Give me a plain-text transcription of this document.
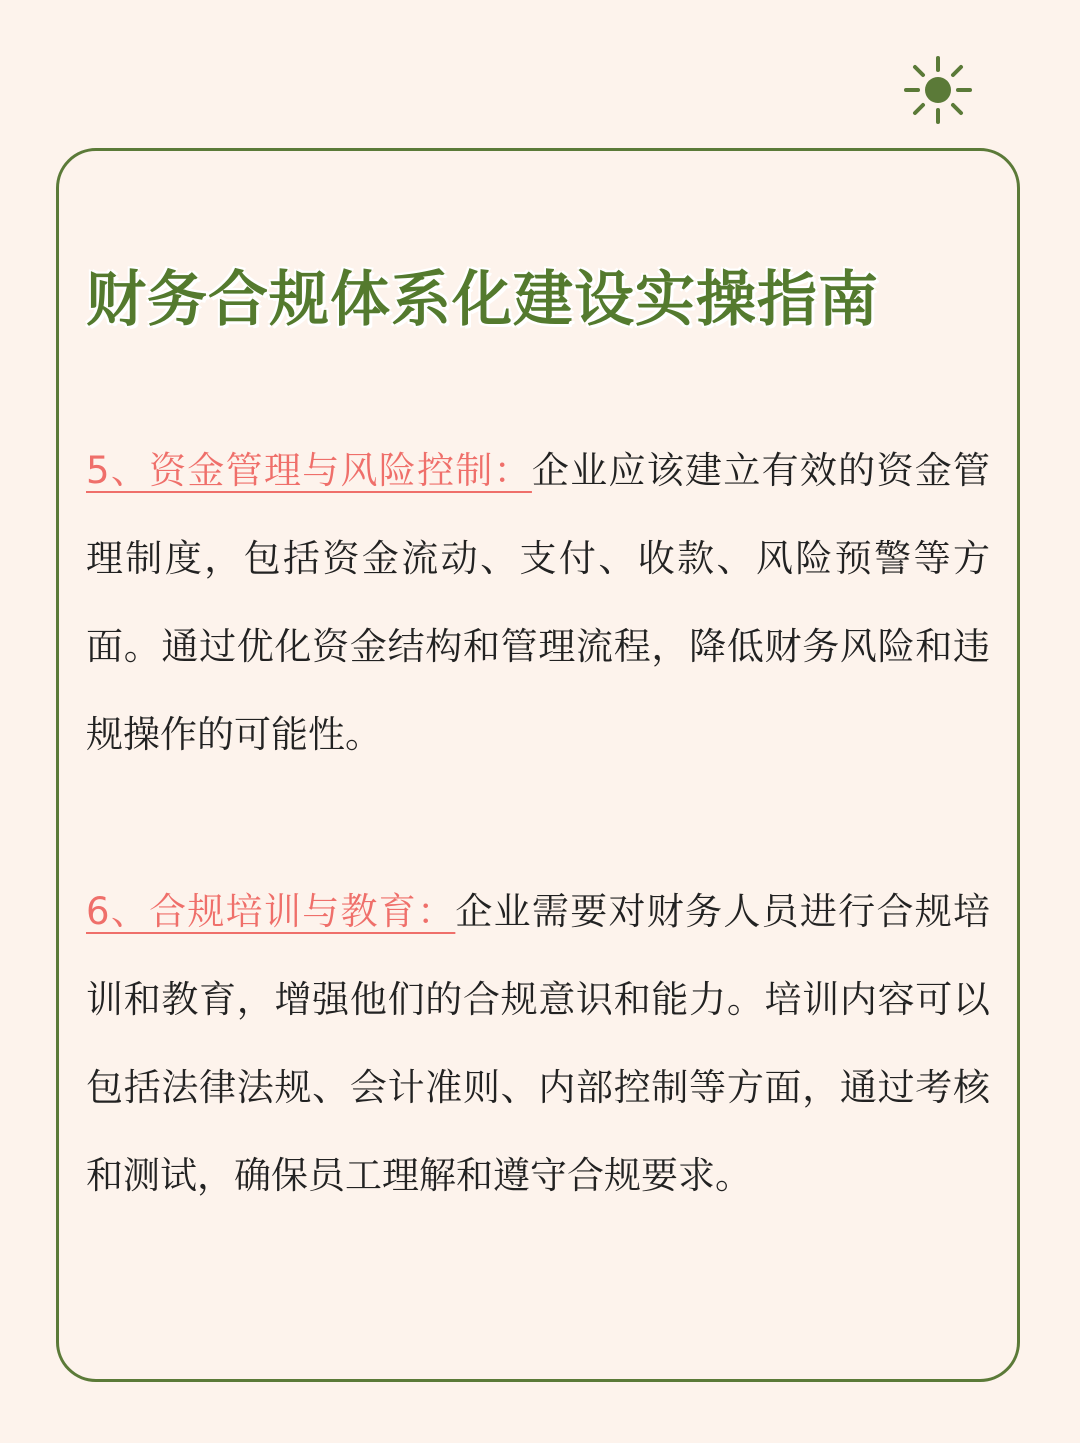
财务合规体系化建设实操指南

5、资金管理与风险控制：企业应该建立有效的资金管理制度，包括资金流动、支付、收款、风险预警等方面。通过优化资金结构和管理流程，降低财务风险和违规操作的可能性。

6、合规培训与教育：企业需要对财务人员进行合规培训和教育，增强他们的合规意识和能力。培训内容可以包括法律法规、会计准则、内部控制等方面，通过考核和测试，确保员工理解和遵守合规要求。
